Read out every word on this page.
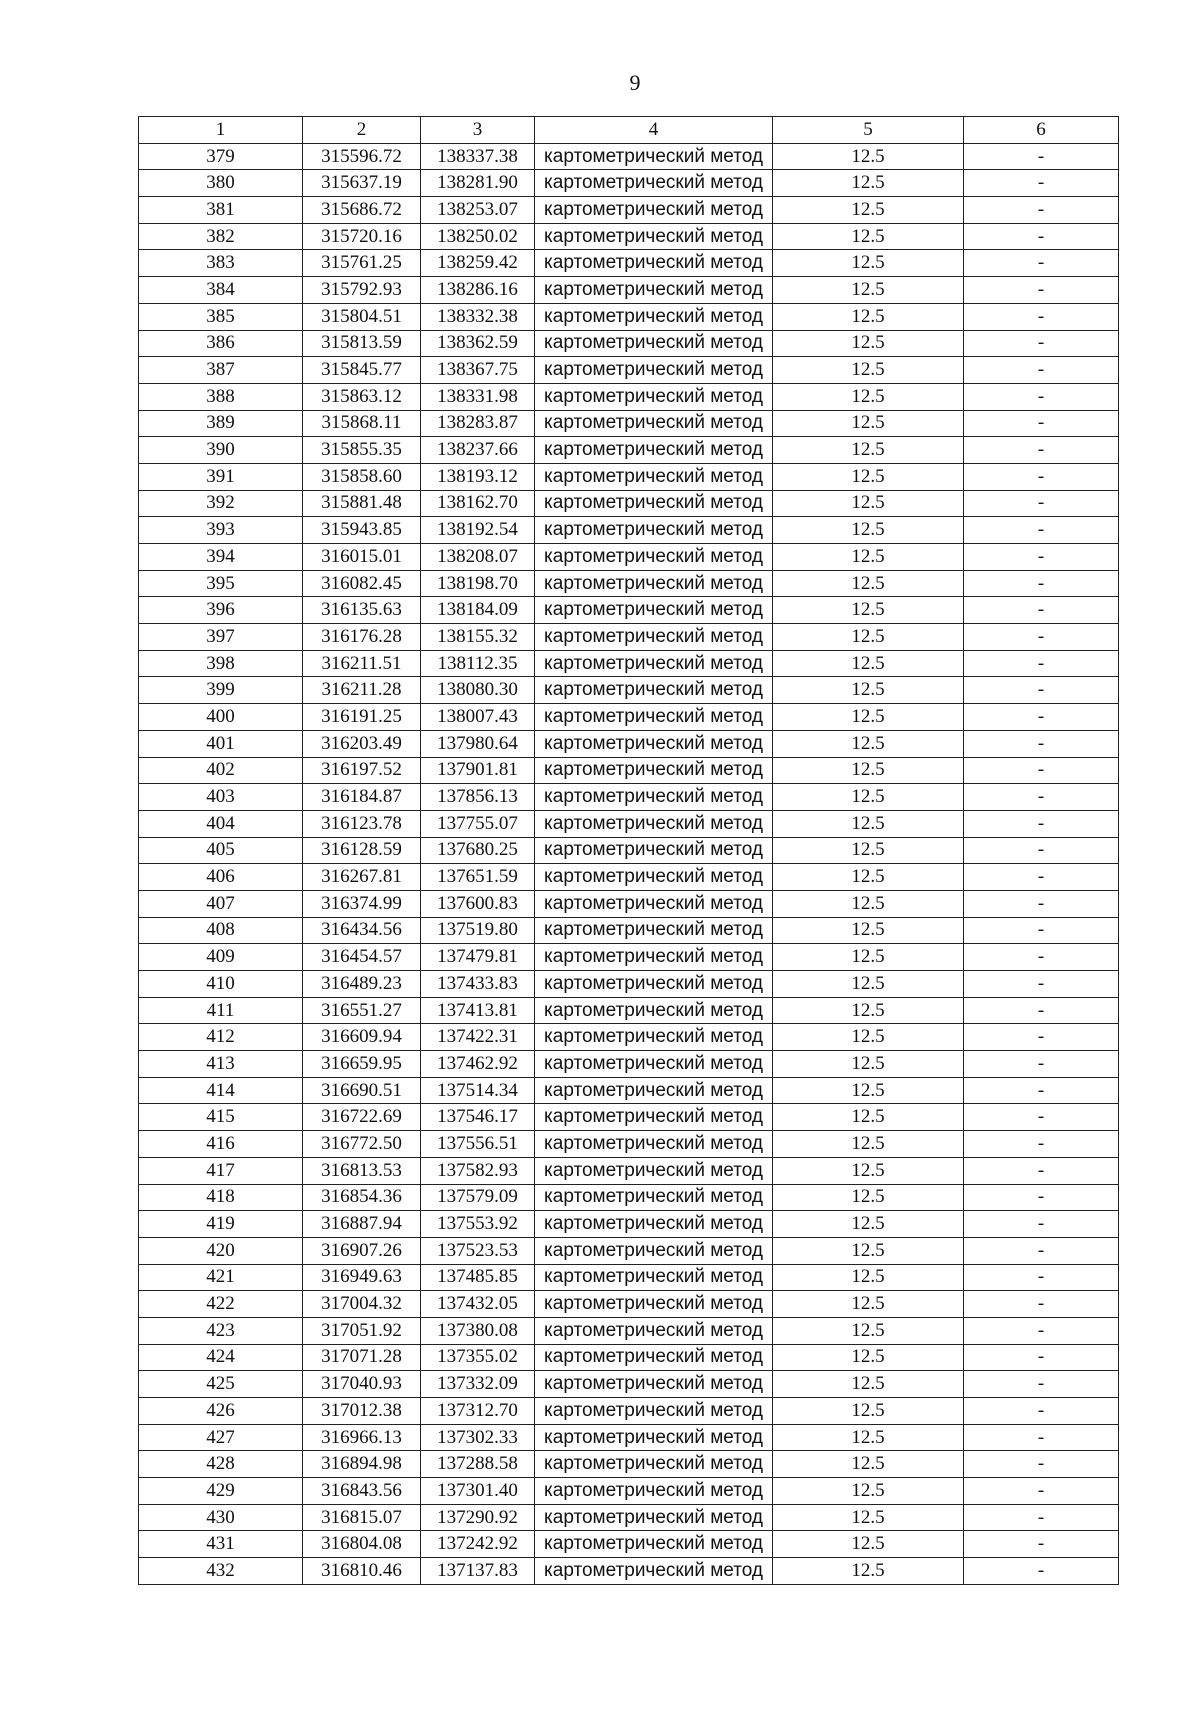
9
1	2	3	4	5	6
379	315596.72	138337.38	картометрический метод	12.5	-
380	315637.19	138281.90	картометрический метод	12.5	-
381	315686.72	138253.07	картометрический метод	12.5	-
382	315720.16	138250.02	картометрический метод	12.5	-
383	315761.25	138259.42	картометрический метод	12.5	-
384	315792.93	138286.16	картометрический метод	12.5	-
385	315804.51	138332.38	картометрический метод	12.5	-
386	315813.59	138362.59	картометрический метод	12.5	-
387	315845.77	138367.75	картометрический метод	12.5	-
388	315863.12	138331.98	картометрический метод	12.5	-
389	315868.11	138283.87	картометрический метод	12.5	-
390	315855.35	138237.66	картометрический метод	12.5	-
391	315858.60	138193.12	картометрический метод	12.5	-
392	315881.48	138162.70	картометрический метод	12.5	-
393	315943.85	138192.54	картометрический метод	12.5	-
394	316015.01	138208.07	картометрический метод	12.5	-
395	316082.45	138198.70	картометрический метод	12.5	-
396	316135.63	138184.09	картометрический метод	12.5	-
397	316176.28	138155.32	картометрический метод	12.5	-
398	316211.51	138112.35	картометрический метод	12.5	-
399	316211.28	138080.30	картометрический метод	12.5	-
400	316191.25	138007.43	картометрический метод	12.5	-
401	316203.49	137980.64	картометрический метод	12.5	-
402	316197.52	137901.81	картометрический метод	12.5	-
403	316184.87	137856.13	картометрический метод	12.5	-
404	316123.78	137755.07	картометрический метод	12.5	-
405	316128.59	137680.25	картометрический метод	12.5	-
406	316267.81	137651.59	картометрический метод	12.5	-
407	316374.99	137600.83	картометрический метод	12.5	-
408	316434.56	137519.80	картометрический метод	12.5	-
409	316454.57	137479.81	картометрический метод	12.5	-
410	316489.23	137433.83	картометрический метод	12.5	-
411	316551.27	137413.81	картометрический метод	12.5	-
412	316609.94	137422.31	картометрический метод	12.5	-
413	316659.95	137462.92	картометрический метод	12.5	-
414	316690.51	137514.34	картометрический метод	12.5	-
415	316722.69	137546.17	картометрический метод	12.5	-
416	316772.50	137556.51	картометрический метод	12.5	-
417	316813.53	137582.93	картометрический метод	12.5	-
418	316854.36	137579.09	картометрический метод	12.5	-
419	316887.94	137553.92	картометрический метод	12.5	-
420	316907.26	137523.53	картометрический метод	12.5	-
421	316949.63	137485.85	картометрический метод	12.5	-
422	317004.32	137432.05	картометрический метод	12.5	-
423	317051.92	137380.08	картометрический метод	12.5	-
424	317071.28	137355.02	картометрический метод	12.5	-
425	317040.93	137332.09	картометрический метод	12.5	-
426	317012.38	137312.70	картометрический метод	12.5	-
427	316966.13	137302.33	картометрический метод	12.5	-
428	316894.98	137288.58	картометрический метод	12.5	-
429	316843.56	137301.40	картометрический метод	12.5	-
430	316815.07	137290.92	картометрический метод	12.5	-
431	316804.08	137242.92	картометрический метод	12.5	-
432	316810.46	137137.83	картометрический метод	12.5	-
